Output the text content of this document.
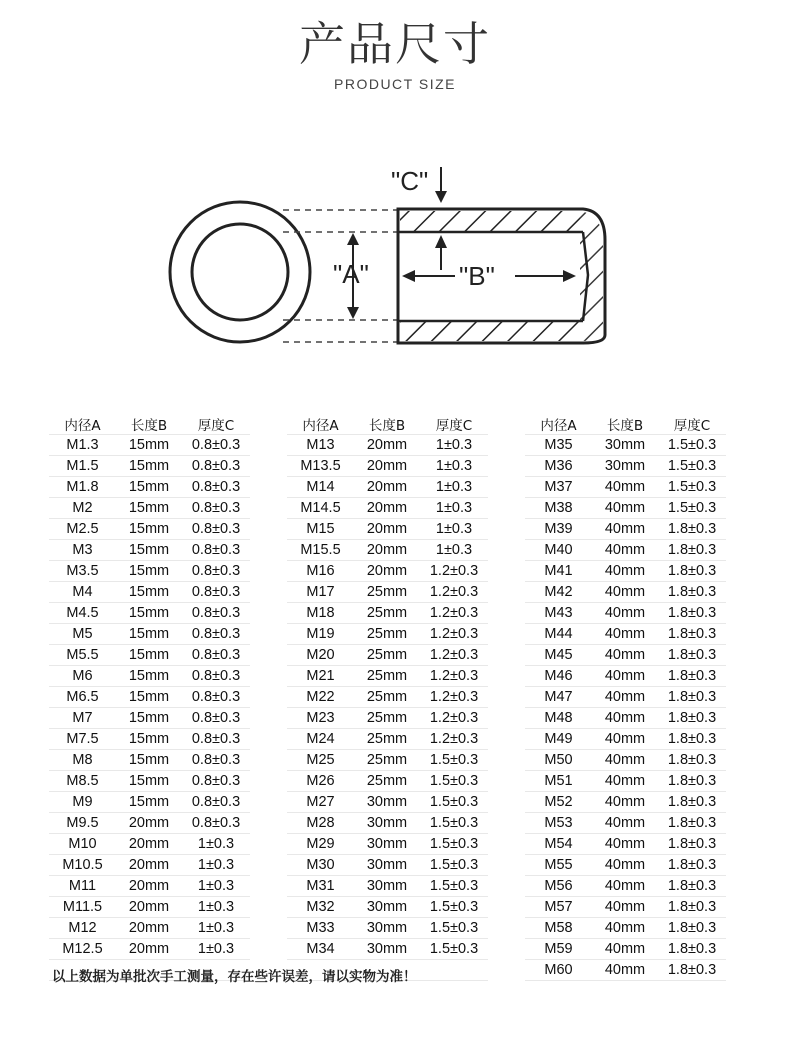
产品尺寸
PRODUCT SIZE
"A"	"B"
"C"
内径A	长度B	厚度C		内径A	长度B	厚度C		内径A	长度B	厚度C
M1.3	15mm	0.8±0.3		M13	20mm	1±0.3		M35	30mm	1.5±0.3
M1.5	15mm	0.8±0.3		M13.5	20mm	1±0.3		M36	30mm	1.5±0.3
M1.8	15mm	0.8±0.3		M14	20mm	1±0.3		M37	40mm	1.5±0.3
M2	15mm	0.8±0.3		M14.5	20mm	1±0.3		M38	40mm	1.5±0.3
M2.5	15mm	0.8±0.3		M15	20mm	1±0.3		M39	40mm	1.8±0.3
M3	15mm	0.8±0.3		M15.5	20mm	1±0.3		M40	40mm	1.8±0.3
M3.5	15mm	0.8±0.3		M16	20mm	1.2±0.3		M41	40mm	1.8±0.3
M4	15mm	0.8±0.3		M17	25mm	1.2±0.3		M42	40mm	1.8±0.3
M4.5	15mm	0.8±0.3		M18	25mm	1.2±0.3		M43	40mm	1.8±0.3
M5	15mm	0.8±0.3		M19	25mm	1.2±0.3		M44	40mm	1.8±0.3
M5.5	15mm	0.8±0.3		M20	25mm	1.2±0.3		M45	40mm	1.8±0.3
M6	15mm	0.8±0.3		M21	25mm	1.2±0.3		M46	40mm	1.8±0.3
M6.5	15mm	0.8±0.3		M22	25mm	1.2±0.3		M47	40mm	1.8±0.3
M7	15mm	0.8±0.3		M23	25mm	1.2±0.3		M48	40mm	1.8±0.3
M7.5	15mm	0.8±0.3		M24	25mm	1.2±0.3		M49	40mm	1.8±0.3
M8	15mm	0.8±0.3		M25	25mm	1.5±0.3		M50	40mm	1.8±0.3
M8.5	15mm	0.8±0.3		M26	25mm	1.5±0.3		M51	40mm	1.8±0.3
M9	15mm	0.8±0.3		M27	30mm	1.5±0.3		M52	40mm	1.8±0.3
M9.5	20mm	0.8±0.3		M28	30mm	1.5±0.3		M53	40mm	1.8±0.3
M10	20mm	1±0.3		M29	30mm	1.5±0.3		M54	40mm	1.8±0.3
M10.5	20mm	1±0.3		M30	30mm	1.5±0.3		M55	40mm	1.8±0.3
M11	20mm	1±0.3		M31	30mm	1.5±0.3		M56	40mm	1.8±0.3
M11.5	20mm	1±0.3		M32	30mm	1.5±0.3		M57	40mm	1.8±0.3
M12	20mm	1±0.3		M33	30mm	1.5±0.3		M58	40mm	1.8±0.3
M12.5	20mm	1±0.3		M34	30mm	1.5±0.3		M59	40mm	1.8±0.3
								M60	40mm	1.8±0.3
以上数据为单批次手工测量，存在些许误差，请以实物为准！
